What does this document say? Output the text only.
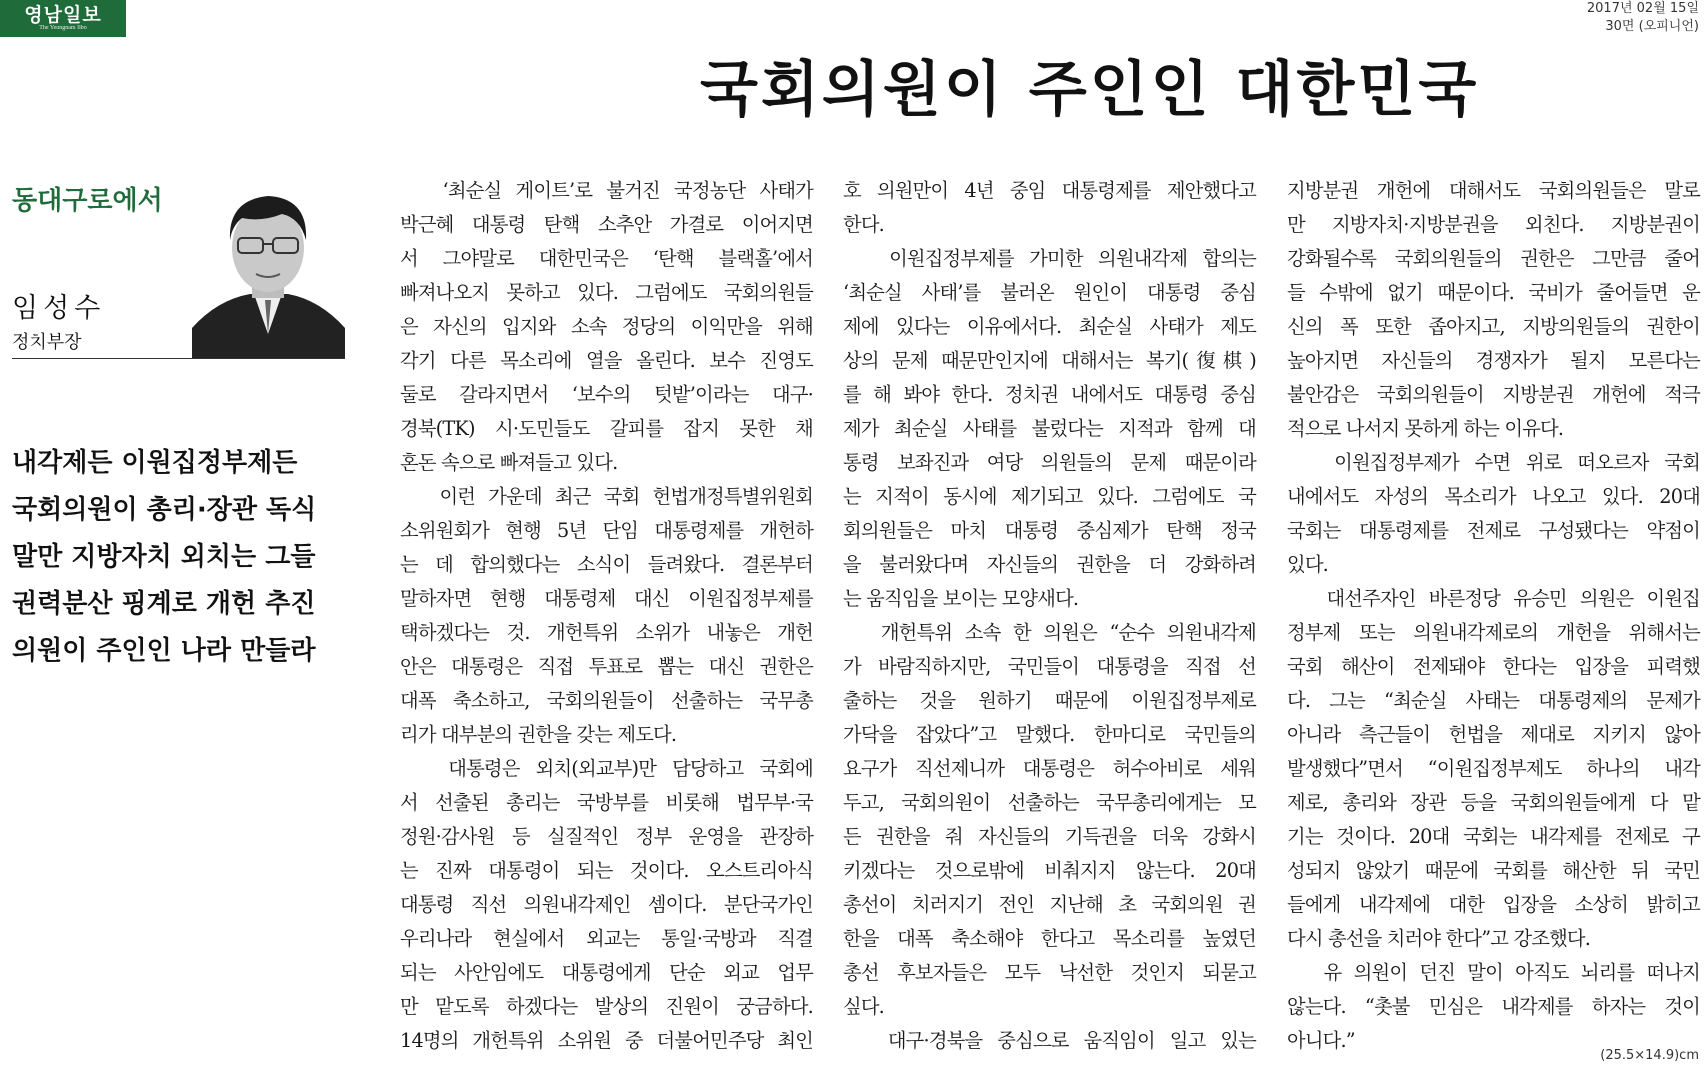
영남일보
The Yeungnam Ilbo
2017년 02월 15일
30면 (오피니언)
국회의원이 주인인 대한민국
동대구로에서
임성수
정치부장
내각제든 이원집정부제든
국회의원이 총리·장관 독식
말만 지방자치 외치는 그들
권력분산 핑계로 개헌 추진
의원이 주인인 나라 만들라
‘최순실 게이트’로 불거진 국정농단 사태가
박근혜 대통령 탄핵 소추안 가결로 이어지면
서 그야말로 대한민국은 ‘탄핵 블랙홀’에서
빠져나오지 못하고 있다. 그럼에도 국회의원들
은 자신의 입지와 소속 정당의 이익만을 위해
각기 다른 목소리에 열을 올린다. 보수 진영도
둘로 갈라지면서 ‘보수의 텃밭’이라는 대구·
경북(TK) 시·도민들도 갈피를 잡지 못한 채
혼돈 속으로 빠져들고 있다.
이런 가운데 최근 국회 헌법개정특별위원회
소위원회가 현행 5년 단임 대통령제를 개헌하
는 데 합의했다는 소식이 들려왔다. 결론부터
말하자면 현행 대통령제 대신 이원집정부제를
택하겠다는 것. 개헌특위 소위가 내놓은 개헌
안은 대통령은 직접 투표로 뽑는 대신 권한은
대폭 축소하고, 국회의원들이 선출하는 국무총
리가 대부분의 권한을 갖는 제도다.
대통령은 외치(외교부)만 담당하고 국회에
서 선출된 총리는 국방부를 비롯해 법무부·국
정원·감사원 등 실질적인 정부 운영을 관장하
는 진짜 대통령이 되는 것이다. 오스트리아식
대통령 직선 의원내각제인 셈이다. 분단국가인
우리나라 현실에서 외교는 통일·국방과 직결
되는 사안임에도 대통령에게 단순 외교 업무
만 맡도록 하겠다는 발상의 진원이 궁금하다.
14명의 개헌특위 소위원 중 더불어민주당 최인
호 의원만이 4년 중임 대통령제를 제안했다고
한다.
이원집정부제를 가미한 의원내각제 합의는
‘최순실 사태’를 불러온 원인이 대통령 중심
제에 있다는 이유에서다. 최순실 사태가 제도
상의 문제 때문만인지에 대해서는 복기(復棋)
를 해 봐야 한다. 정치권 내에서도 대통령 중심
제가 최순실 사태를 불렀다는 지적과 함께 대
통령 보좌진과 여당 의원들의 문제 때문이라
는 지적이 동시에 제기되고 있다. 그럼에도 국
회의원들은 마치 대통령 중심제가 탄핵 정국
을 불러왔다며 자신들의 권한을 더 강화하려
는 움직임을 보이는 모양새다.
개헌특위 소속 한 의원은 “순수 의원내각제
가 바람직하지만, 국민들이 대통령을 직접 선
출하는 것을 원하기 때문에 이원집정부제로
가닥을 잡았다”고 말했다. 한마디로 국민들의
요구가 직선제니까 대통령은 허수아비로 세워
두고, 국회의원이 선출하는 국무총리에게는 모
든 권한을 줘 자신들의 기득권을 더욱 강화시
키겠다는 것으로밖에 비춰지지 않는다. 20대
총선이 치러지기 전인 지난해 초 국회의원 권
한을 대폭 축소해야 한다고 목소리를 높였던
총선 후보자들은 모두 낙선한 것인지 되묻고
싶다.
대구·경북을 중심으로 움직임이 일고 있는
지방분권 개헌에 대해서도 국회의원들은 말로
만 지방자치·지방분권을 외친다. 지방분권이
강화될수록 국회의원들의 권한은 그만큼 줄어
들 수밖에 없기 때문이다. 국비가 줄어들면 운
신의 폭 또한 좁아지고, 지방의원들의 권한이
높아지면 자신들의 경쟁자가 될지 모른다는
불안감은 국회의원들이 지방분권 개헌에 적극
적으로 나서지 못하게 하는 이유다.
이원집정부제가 수면 위로 떠오르자 국회
내에서도 자성의 목소리가 나오고 있다. 20대
국회는 대통령제를 전제로 구성됐다는 약점이
있다.
대선주자인 바른정당 유승민 의원은 이원집
정부제 또는 의원내각제로의 개헌을 위해서는
국회 해산이 전제돼야 한다는 입장을 피력했
다. 그는 “최순실 사태는 대통령제의 문제가
아니라 측근들이 헌법을 제대로 지키지 않아
발생했다”면서 “이원집정부제도 하나의 내각
제로, 총리와 장관 등을 국회의원들에게 다 맡
기는 것이다. 20대 국회는 내각제를 전제로 구
성되지 않았기 때문에 국회를 해산한 뒤 국민
들에게 내각제에 대한 입장을 소상히 밝히고
다시 총선을 치러야 한다”고 강조했다.
유 의원이 던진 말이 아직도 뇌리를 떠나지
않는다. “촛불 민심은 내각제를 하자는 것이
아니다.”
(25.5×14.9)cm
